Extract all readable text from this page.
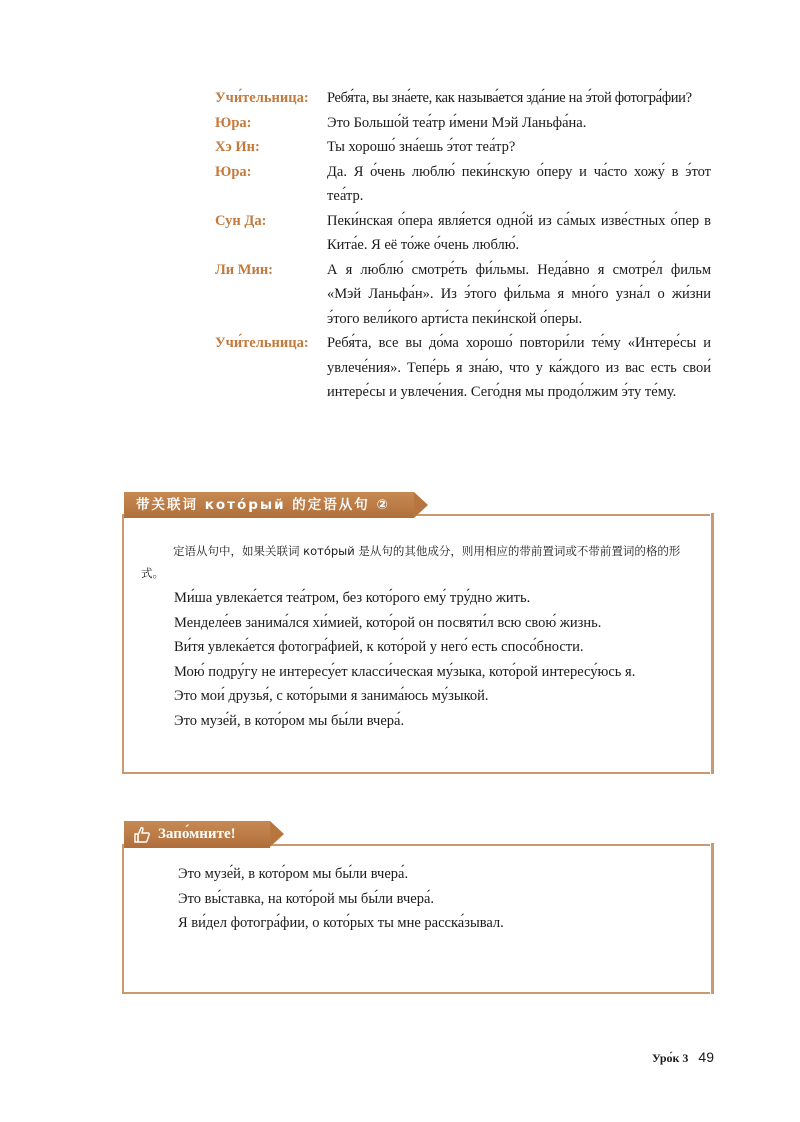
Учи́тельница:	Ребя́та, вы зна́ете, как называ́ется зда́ние на э́той фотогра́фии?
Юра:	Это Большо́й теа́тр и́мени Мэй Ланьфа́на.
Хэ Ин:	Ты хорошо́ зна́ешь э́тот теа́тр?
Юра:	Да. Я о́чень люблю́ пеки́нскую о́перу и ча́сто хожу́ в э́тот теа́тр.
Сун Да:	Пеки́нская о́пера явля́ется одно́й из са́мых изве́стных о́пер в Кита́е. Я её то́же о́чень люблю́.
Ли Мин:	А я люблю́ смотре́ть фи́льмы. Неда́вно я смотре́л фильм «Мэй Ланьфа́н». Из э́того фи́льма я мно́го узна́л о жи́зни э́того вели́кого арти́ста пеки́нской о́перы.
Учи́тельница:	Ребя́та, все вы до́ма хорошо́ повтори́ли те́му «Интере́сы и увлече́ния». Тепе́рь я зна́ю, что у ка́ждого из вас есть свои́ интере́сы и увлече́ния. Сего́дня мы продо́лжим э́ту те́му.
带关联词 кото́рый 的定语从句 ②
定语从句中，如果关联词 кото́рый 是从句的其他成分，则用相应的带前置词或不带前置词的格的形式。
Ми́ша увлека́ется теа́тром, без кото́рого ему́ тру́дно жить.
Менделе́ев занима́лся хи́мией, кото́рой он посвяти́л всю свою́ жизнь.
Ви́тя увлека́ется фотогра́фией, к кото́рой у него́ есть спосо́бности.
Мою́ подру́гу не интересу́ет класси́ческая му́зыка, кото́рой интересу́юсь я.
Это мои́ друзья́, с кото́рыми я занима́юсь му́зыкой.
Это музе́й, в кото́ром мы бы́ли вчера́.
Запо́мните!
Это музе́й, в кото́ром мы бы́ли вчера́.
Это вы́ставка, на кото́рой мы бы́ли вчера́.
Я ви́дел фотогра́фии, о кото́рых ты мне расска́зывал.
Уро́к 3 49
